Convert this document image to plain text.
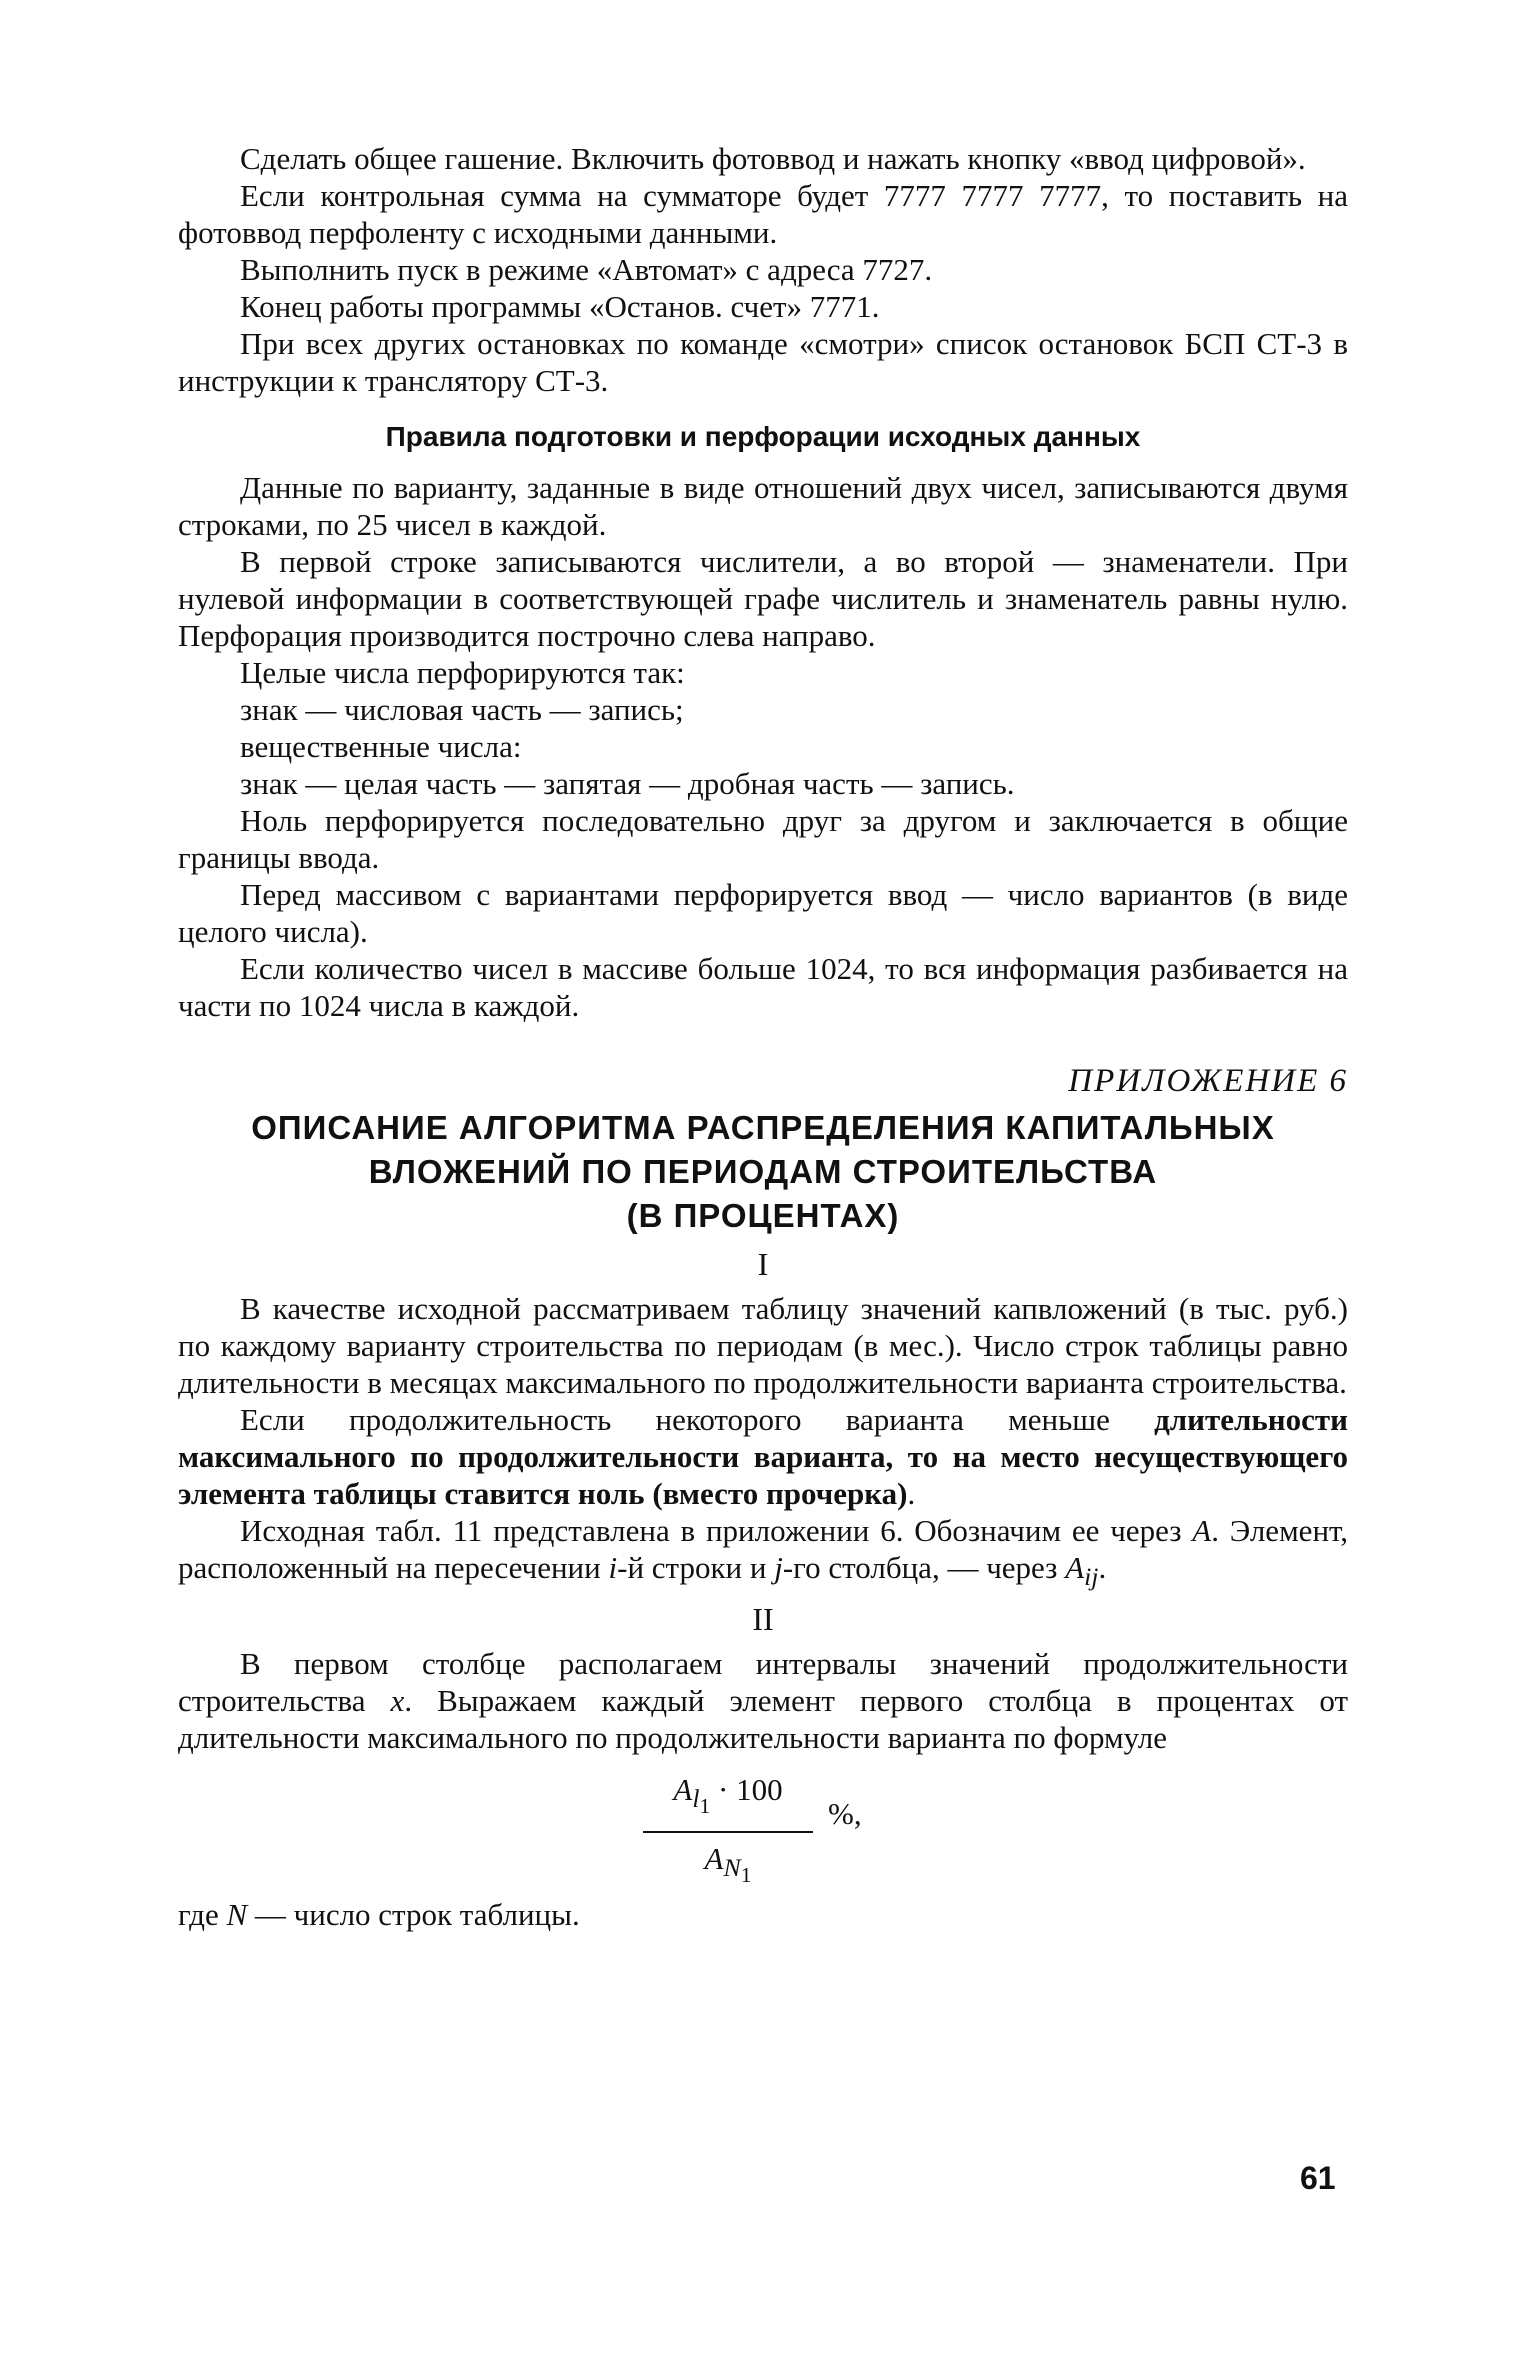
Сделать общее гашение. Включить фотоввод и нажать кнопку «ввод цифровой».

Если контрольная сумма на сумматоре будет 7777 7777 7777, то поставить на фотоввод перфоленту с исходными данными.

Выполнить пуск в режиме «Автомат» с адреса 7727.

Конец работы программы «Останов. счет» 7771.

При всех других остановках по команде «смотри» список остановок БСП СТ-3 в инструкции к транслятору СТ-3.

Правила подготовки и перфорации исходных данных

Данные по варианту, заданные в виде отношений двух чисел, записываются двумя строками, по 25 чисел в каждой.

В первой строке записываются числители, а во второй — знаменатели. При нулевой информации в соответствующей графе числитель и знаменатель равны нулю. Перфорация производится построчно слева направо.

Целые числа перфорируются так:

знак — числовая часть — запись;

вещественные числа:

знак — целая часть — запятая — дробная часть — запись.

Ноль перфорируется последовательно друг за другом и заключается в общие границы ввода.

Перед массивом с вариантами перфорируется ввод — число вариантов (в виде целого числа).

Если количество чисел в массиве больше 1024, то вся информация разбивается на части по 1024 числа в каждой.

ПРИЛОЖЕНИЕ 6
ОПИСАНИЕ АЛГОРИТМА РАСПРЕДЕЛЕНИЯ КАПИТАЛЬНЫХ
ВЛОЖЕНИЙ ПО ПЕРИОДАМ СТРОИТЕЛЬСТВА
(В ПРОЦЕНТАХ)
I

В качестве исходной рассматриваем таблицу значений капвложений (в тыс. руб.) по каждому варианту строительства по периодам (в мес.). Число строк таблицы равно длительности в месяцах максимального по продолжительности варианта строительства.

Если продолжительность некоторого варианта меньше длительности максимального по продолжительности варианта, то на место несуществующего элемента таблицы ставится ноль (вместо прочерка).

Исходная табл. 11 представлена в приложении 6. Обозначим ее через A. Элемент, расположенный на пересечении i-й строки и j-го столбца, — через $A_{ij}$.

II

В первом столбце располагаем интервалы значений продолжительности строительства x. Выражаем каждый элемент первого столбца в процентах от длительности максимального по продолжительности варианта по формуле

$\frac{A_{l_1} \cdot 100}{A_{N_1}}$ %,

где N — число строк таблицы.

61
